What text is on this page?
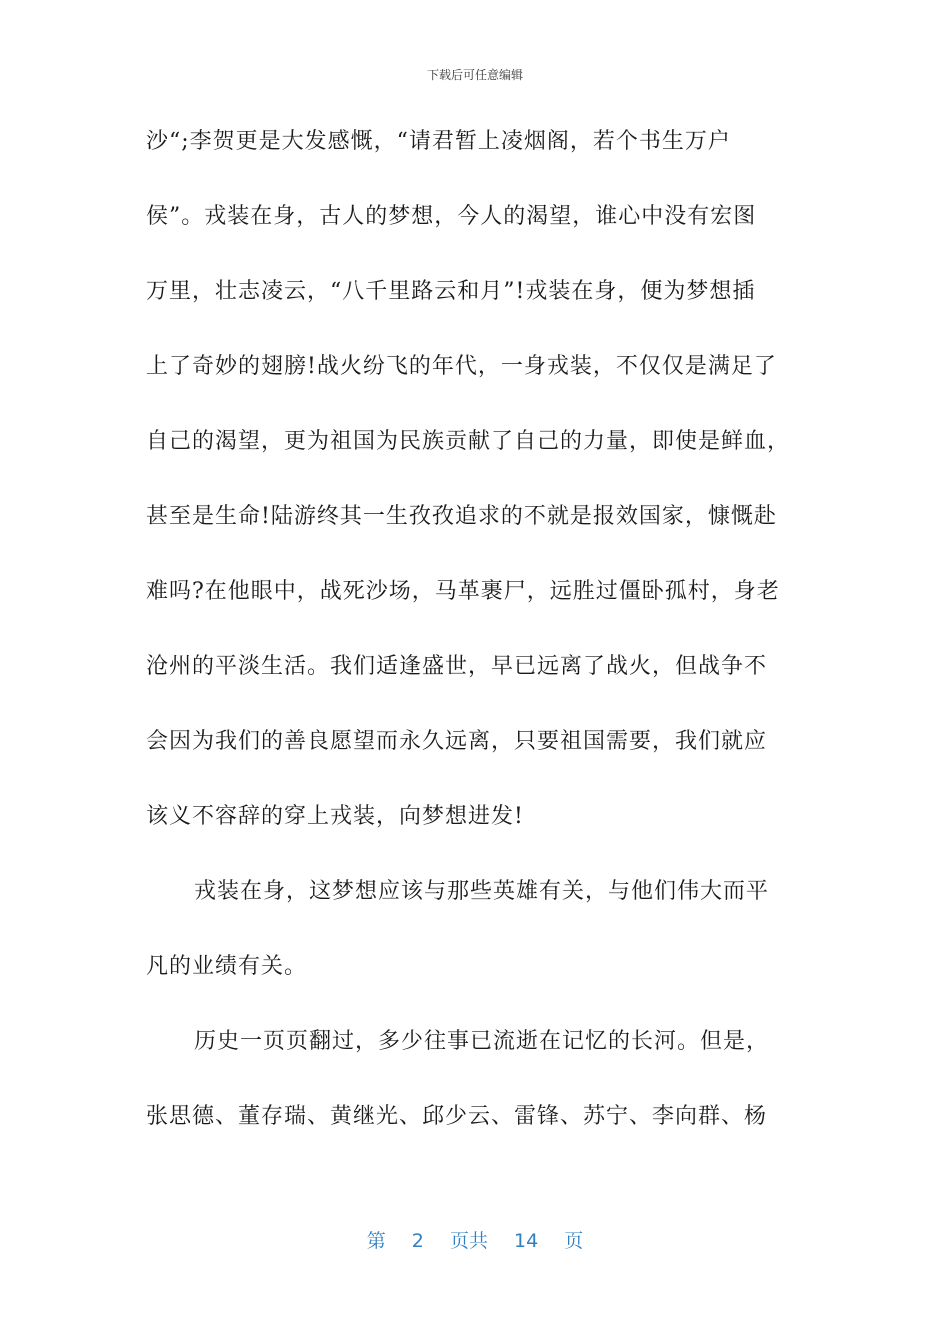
下载后可任意编辑
沙“;李贺更是大发感慨，“请君暂上凌烟阁，若个书生万户
侯”。戎装在身，古人的梦想，今人的渴望，谁心中没有宏图
万里，壮志凌云，“八千里路云和月”!戎装在身，便为梦想插
上了奇妙的翅膀!战火纷飞的年代，一身戎装，不仅仅是满足了
自己的渴望，更为祖国为民族贡献了自己的力量，即使是鲜血，
甚至是生命!陆游终其一生孜孜追求的不就是报效国家，慷慨赴
难吗?在他眼中，战死沙场，马革裹尸，远胜过僵卧孤村，身老
沧州的平淡生活。我们适逢盛世，早已远离了战火，但战争不
会因为我们的善良愿望而永久远离，只要祖国需要，我们就应
该义不容辞的穿上戎装，向梦想进发!
戎装在身，这梦想应该与那些英雄有关，与他们伟大而平
凡的业绩有关。
历史一页页翻过，多少往事已流逝在记忆的长河。但是，
张思德、董存瑞、黄继光、邱少云、雷锋、苏宁、李向群、杨
第 2 页共 14 页
